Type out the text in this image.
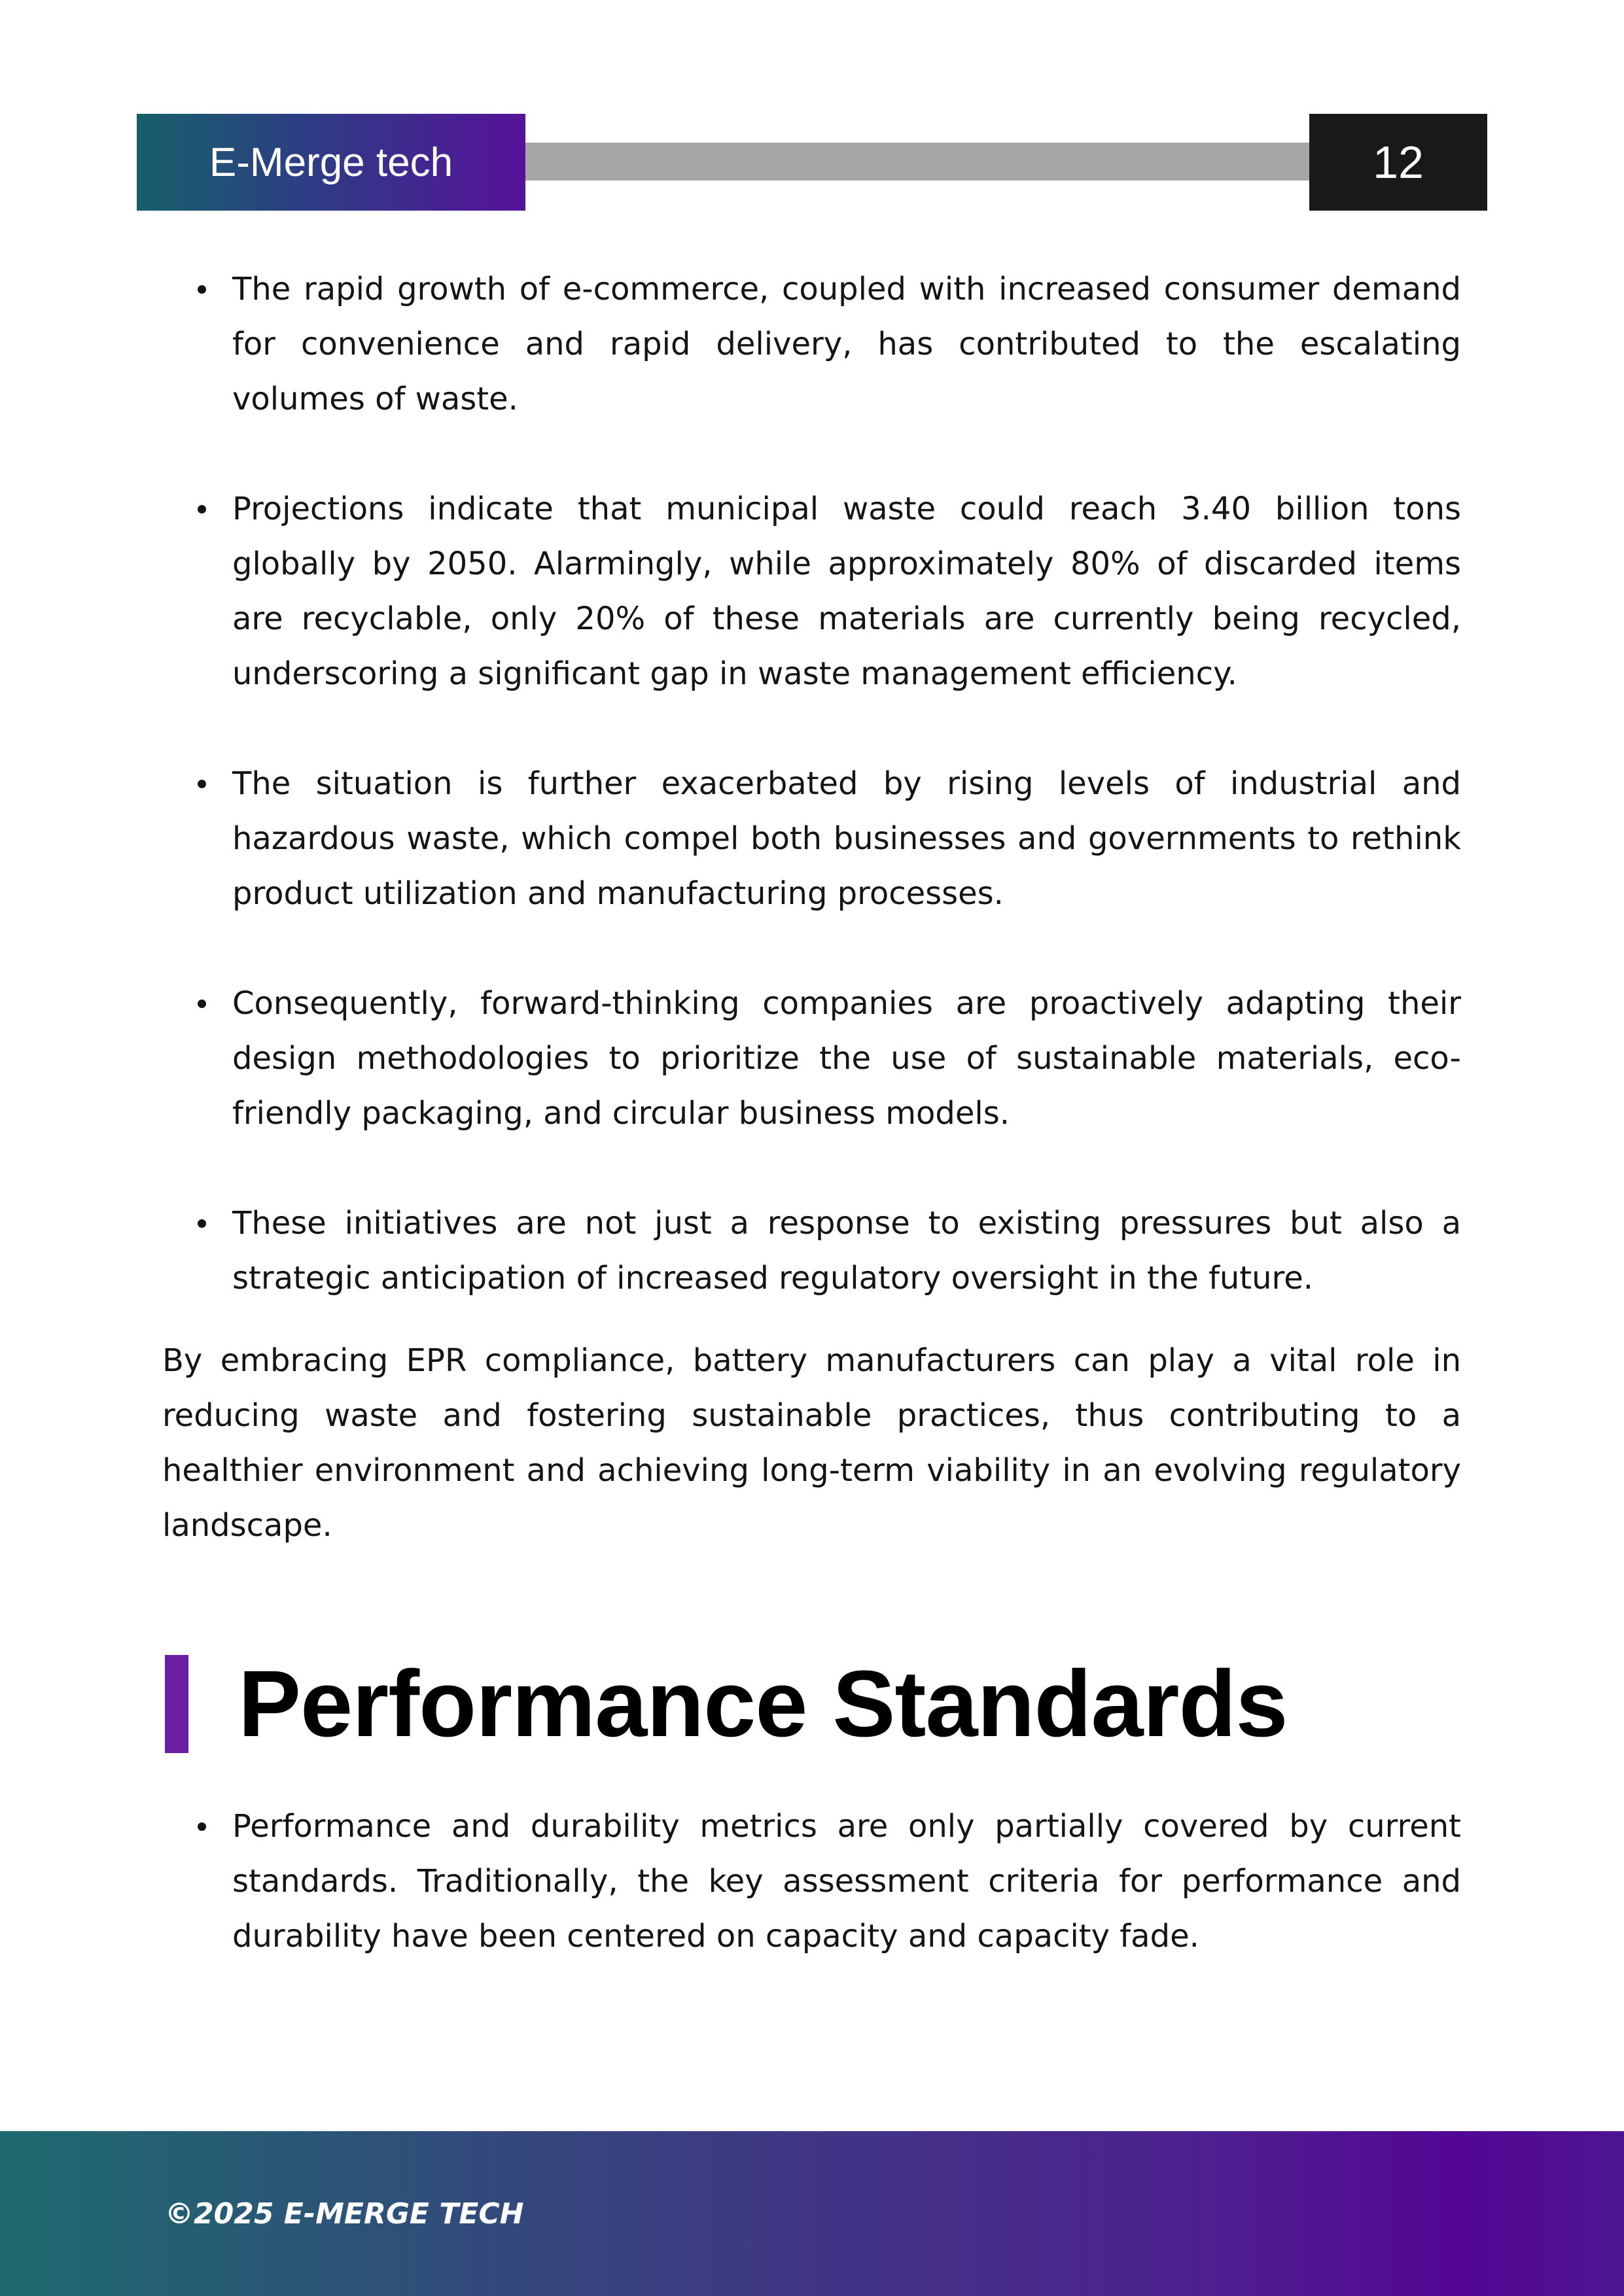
E-Merge tech	12
The rapid growth of e-commerce, coupled with increased consumer demand for convenience and rapid delivery, has contributed to the escalating volumes of waste.
Projections indicate that municipal waste could reach 3.40 billion tons globally by 2050. Alarmingly, while approximately 80% of discarded items are recyclable, only 20% of these materials are currently being recycled, underscoring a significant gap in waste management efficiency.
The situation is further exacerbated by rising levels of industrial and hazardous waste, which compel both businesses and governments to rethink product utilization and manufacturing processes.
Consequently, forward-thinking companies are proactively adapting their design methodologies to prioritize the use of sustainable materials, eco-friendly packaging, and circular business models.
These initiatives are not just a response to existing pressures but also a strategic anticipation of increased regulatory oversight in the future.

By embracing EPR compliance, battery manufacturers can play a vital role in reducing waste and fostering sustainable practices, thus contributing to a healthier environment and achieving long-term viability in an evolving regulatory landscape.

Performance Standards
Performance and durability metrics are only partially covered by current standards. Traditionally, the key assessment criteria for performance and durability have been centered on capacity and capacity fade.
©2025 E-MERGE TECH
